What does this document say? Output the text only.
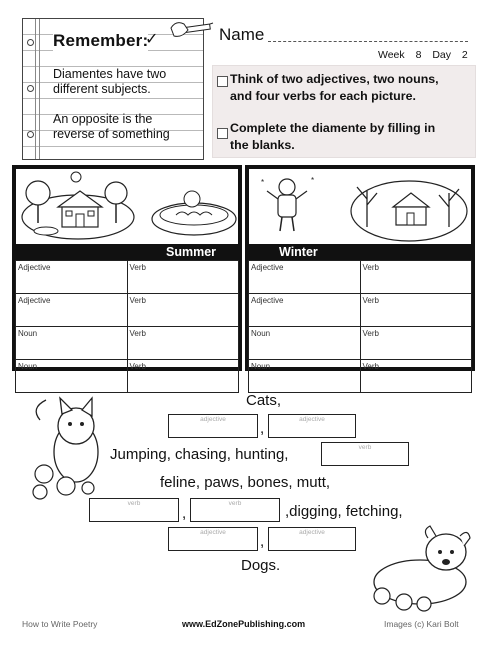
Remember:
✓
Diamentes have two
different subjects.
An opposite is the
reverse of something
Name
Week 8 Day 2
Think of two adjectives, two nouns,
and four verbs for each picture.
Complete the diamente by filling in
the blanks.
Summer
Adjective	Verb
Adjective	Verb
Noun	Verb
Noun	Verb
*	*
Winter
Adjective	Verb
Adjective	Verb
Noun	Verb
Noun	Verb
Cats,
adjective
,
adjective
Jumping, chasing, hunting,	verb
feline, paws, bones, mutt,
verb
,
verb	,digging, fetching,
adjective
,
adjective
Dogs.
How to Write Poetry	www.EdZonePublishing.com	Images (c) Kari Bolt
